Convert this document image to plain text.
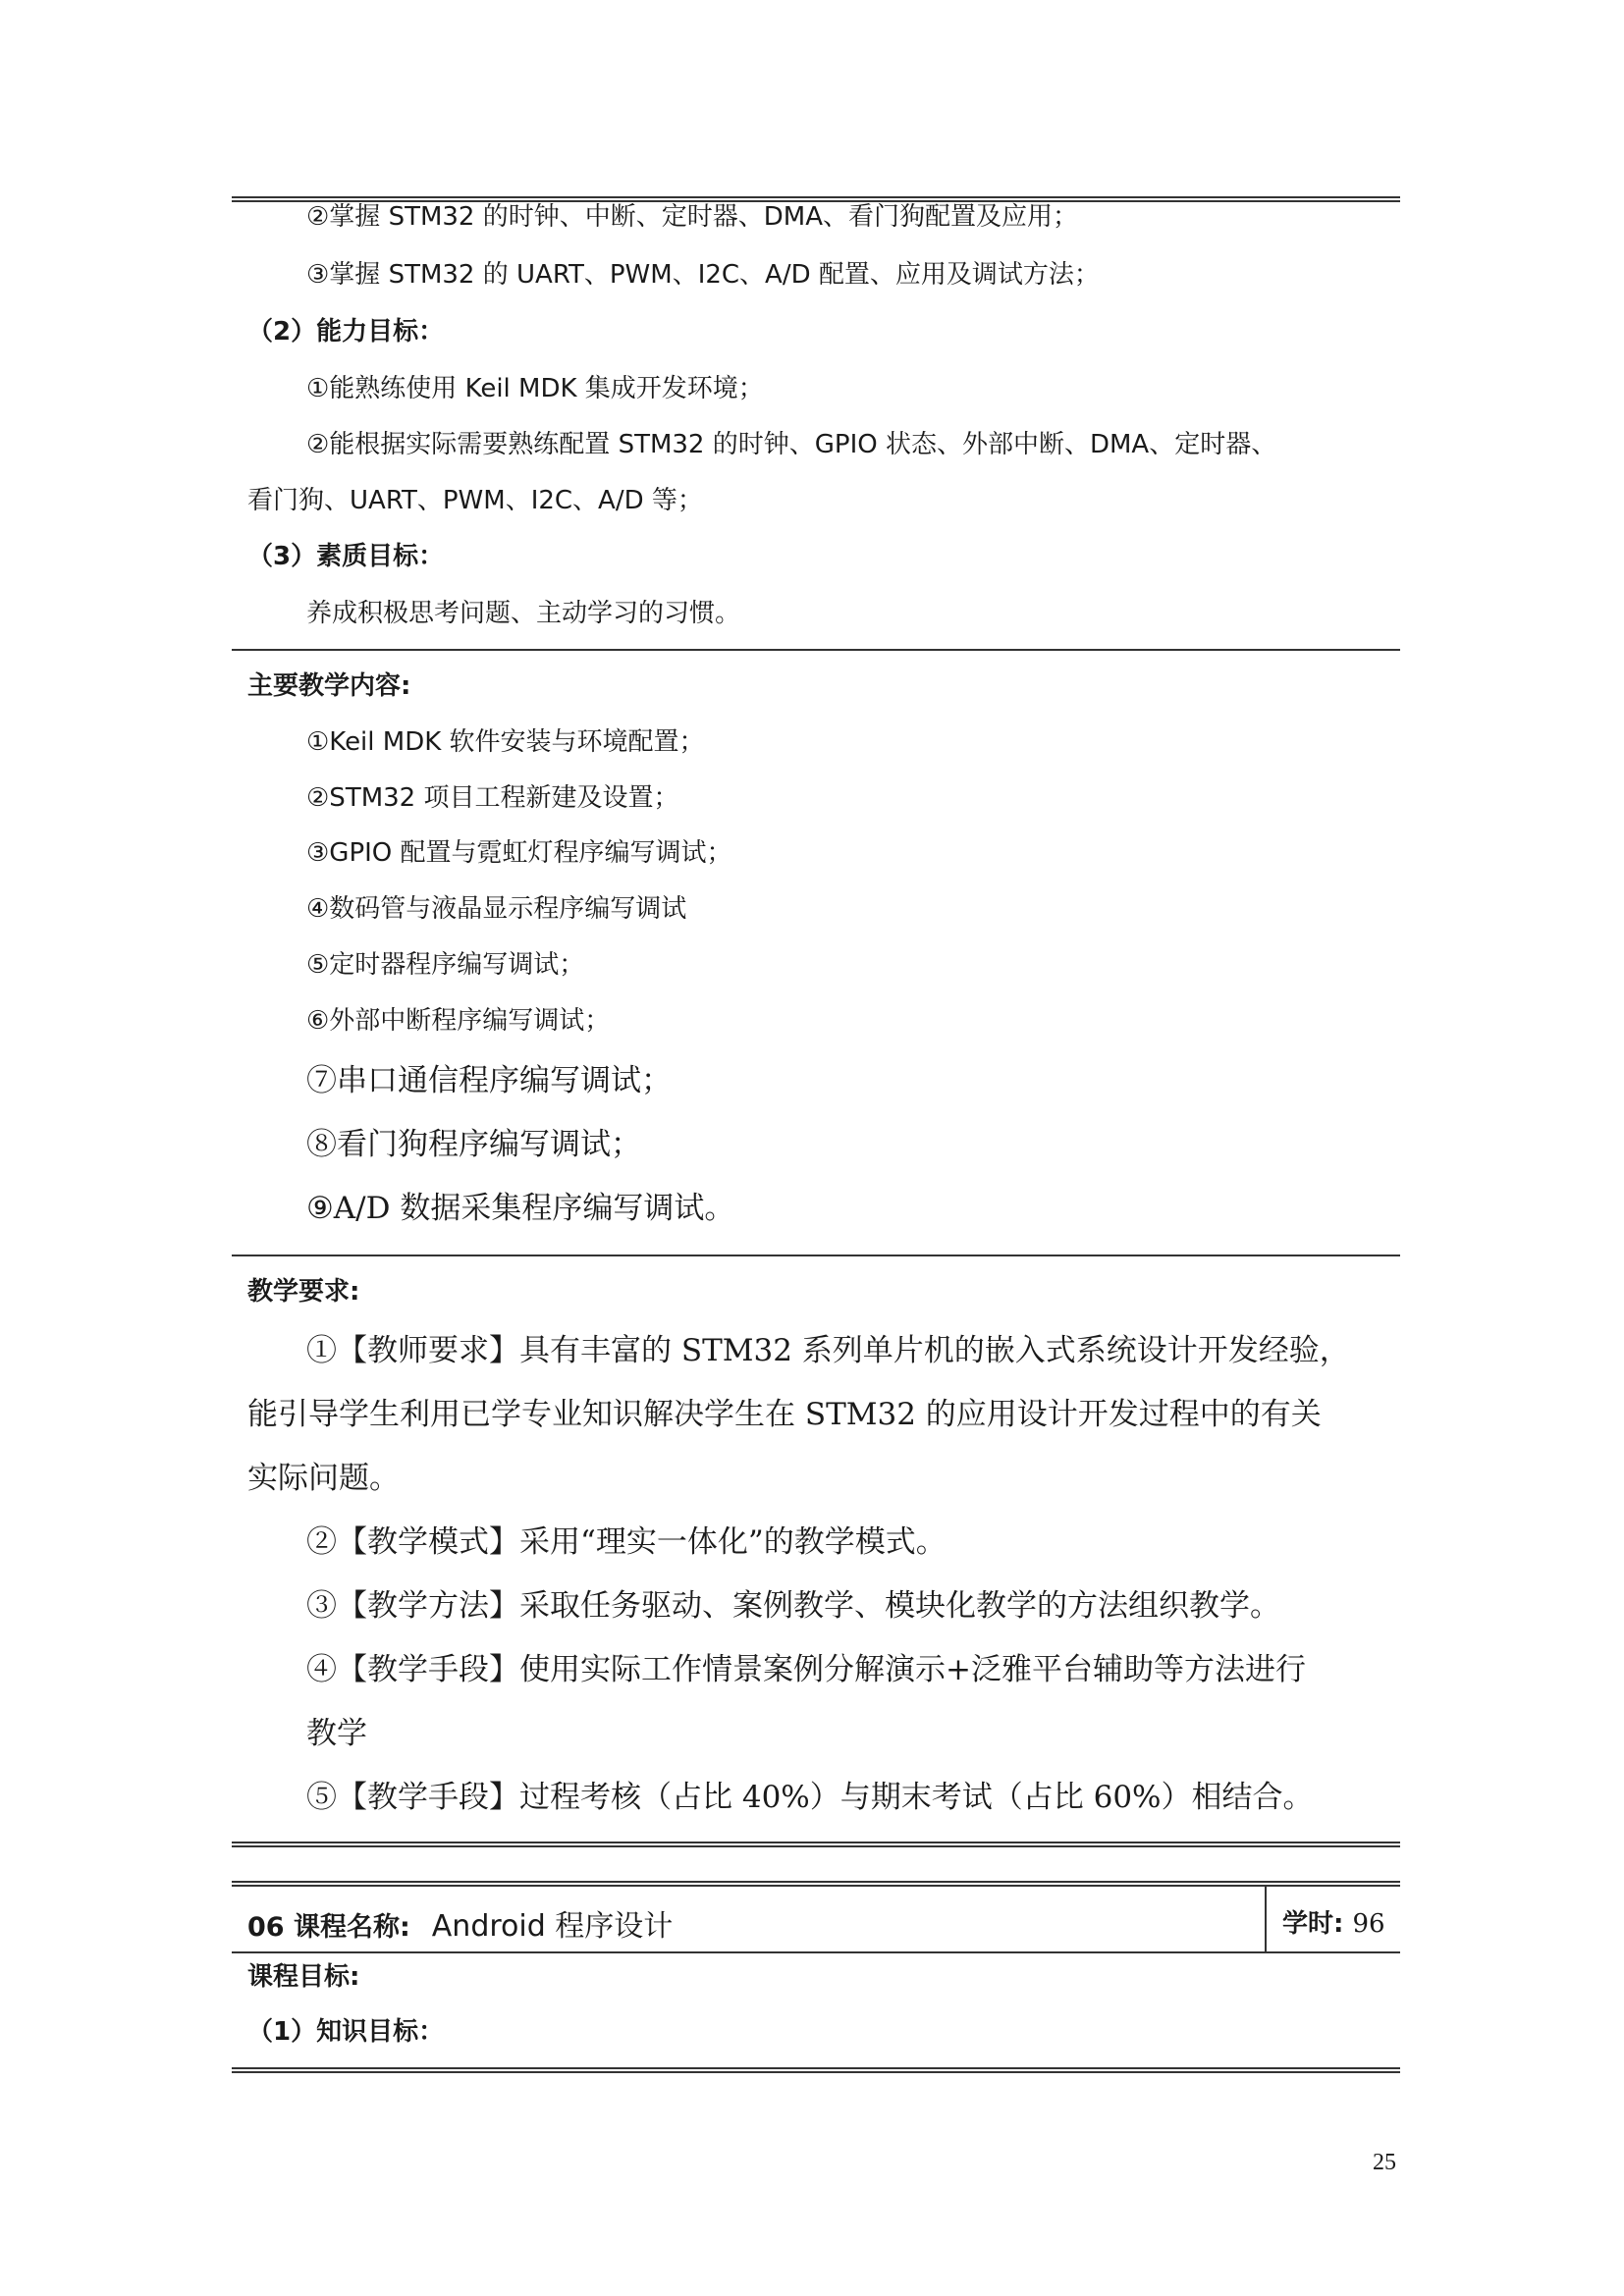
②掌握 STM32 的时钟、中断、定时器、DMA、看门狗配置及应用；
③掌握 STM32 的 UART、PWM、I2C、A/D 配置、应用及调试方法；
（2）能力目标：
①能熟练使用 Keil MDK 集成开发环境；
②能根据实际需要熟练配置 STM32 的时钟、GPIO 状态、外部中断、DMA、定时器、
看门狗、UART、PWM、I2C、A/D 等；
（3）素质目标：
养成积极思考问题、主动学习的习惯。
主要教学内容:
①Keil MDK 软件安装与环境配置；
②STM32 项目工程新建及设置；
③GPIO 配置与霓虹灯程序编写调试；
④数码管与液晶显示程序编写调试
⑤定时器程序编写调试；
⑥外部中断程序编写调试；
⑦串口通信程序编写调试；
⑧看门狗程序编写调试；
⑨A/D 数据采集程序编写调试。
教学要求:
①【教师要求】具有丰富的 STM32 系列单片机的嵌入式系统设计开发经验，
能引导学生利用已学专业知识解决学生在 STM32 的应用设计开发过程中的有关
实际问题。
②【教学模式】采用“理实一体化”的教学模式。
③【教学方法】采取任务驱动、案例教学、模块化教学的方法组织教学。
④【教学手段】使用实际工作情景案例分解演示+泛雅平台辅助等方法进行
教学
⑤【教学手段】过程考核（占比 40%）与期末考试（占比 60%）相结合。
06 课程名称: Android 程序设计	学时: 96
课程目标:
（1）知识目标：
25
